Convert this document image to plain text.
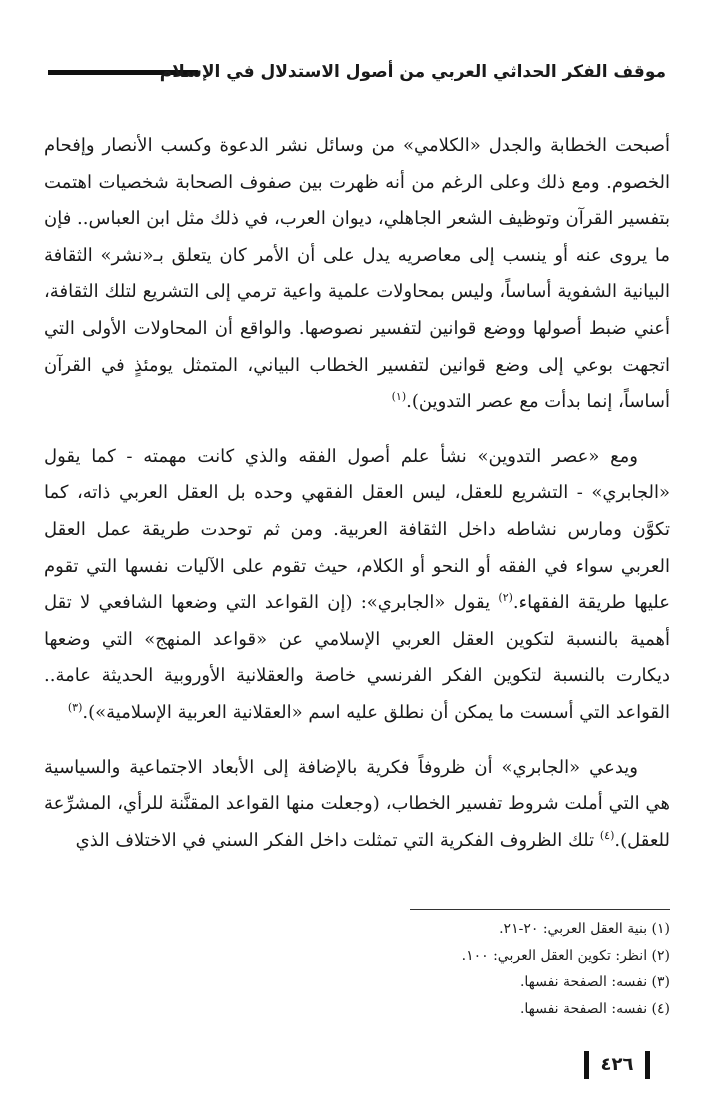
موقف الفكر الحداثي العربي من أصول الاستدلال في الإسلام

أصبحت الخطابة والجدل «الكلامي» من وسائل نشر الدعوة وكسب الأنصار وإفحام الخصوم. ومع ذلك وعلى الرغم من أنه ظهرت بين صفوف الصحابة شخصيات اهتمت بتفسير القرآن وتوظيف الشعر الجاهلي، ديوان العرب، في ذلك مثل ابن العباس.. فإن ما يروى عنه أو ينسب إلى معاصريه يدل على أن الأمر كان يتعلق بـ«نشر» الثقافة البيانية الشفوية أساساً، وليس بمحاولات علمية واعية ترمي إلى التشريع لتلك الثقافة، أعني ضبط أصولها ووضع قوانين لتفسير نصوصها. والواقع أن المحاولات الأولى التي اتجهت بوعي إلى وضع قوانين لتفسير الخطاب البياني، المتمثل يومئذٍ في القرآن أساساً، إنما بدأت مع عصر التدوين).$^{(١)}$

ومع «عصر التدوين» نشأ علم أصول الفقه والذي كانت مهمته - كما يقول «الجابري» - التشريع للعقل، ليس العقل الفقهي وحده بل العقل العربي ذاته، كما تكوَّن ومارس نشاطه داخل الثقافة العربية. ومن ثم توحدت طريقة عمل العقل العربي سواء في الفقه أو النحو أو الكلام، حيث تقوم على الآليات نفسها التي تقوم عليها طريقة الفقهاء.$^{(٢)}$ يقول «الجابري»: (إن القواعد التي وضعها الشافعي لا تقل أهمية بالنسبة لتكوين العقل العربي الإسلامي عن «قواعد المنهج» التي وضعها ديكارت بالنسبة لتكوين الفكر الفرنسي خاصة والعقلانية الأوروبية الحديثة عامة.. القواعد التي أسست ما يمكن أن نطلق عليه اسم «العقلانية العربية الإسلامية»).$^{(٣)}$

ويدعي «الجابري» أن ظروفاً فكرية بالإضافة إلى الأبعاد الاجتماعية والسياسية هي التي أملت شروط تفسير الخطاب، (وجعلت منها القواعد المقنَّنة للرأي، المشرِّعة للعقل).$^{(٤)}$ تلك الظروف الفكرية التي تمثلت داخل الفكر السني في الاختلاف الذي

(١) بنية العقل العربي: ٢٠-٢١.

(٢) انظر: تكوين العقل العربي: ١٠٠.

(٣) نفسه: الصفحة نفسها.

(٤) نفسه: الصفحة نفسها.

٤٢٦
